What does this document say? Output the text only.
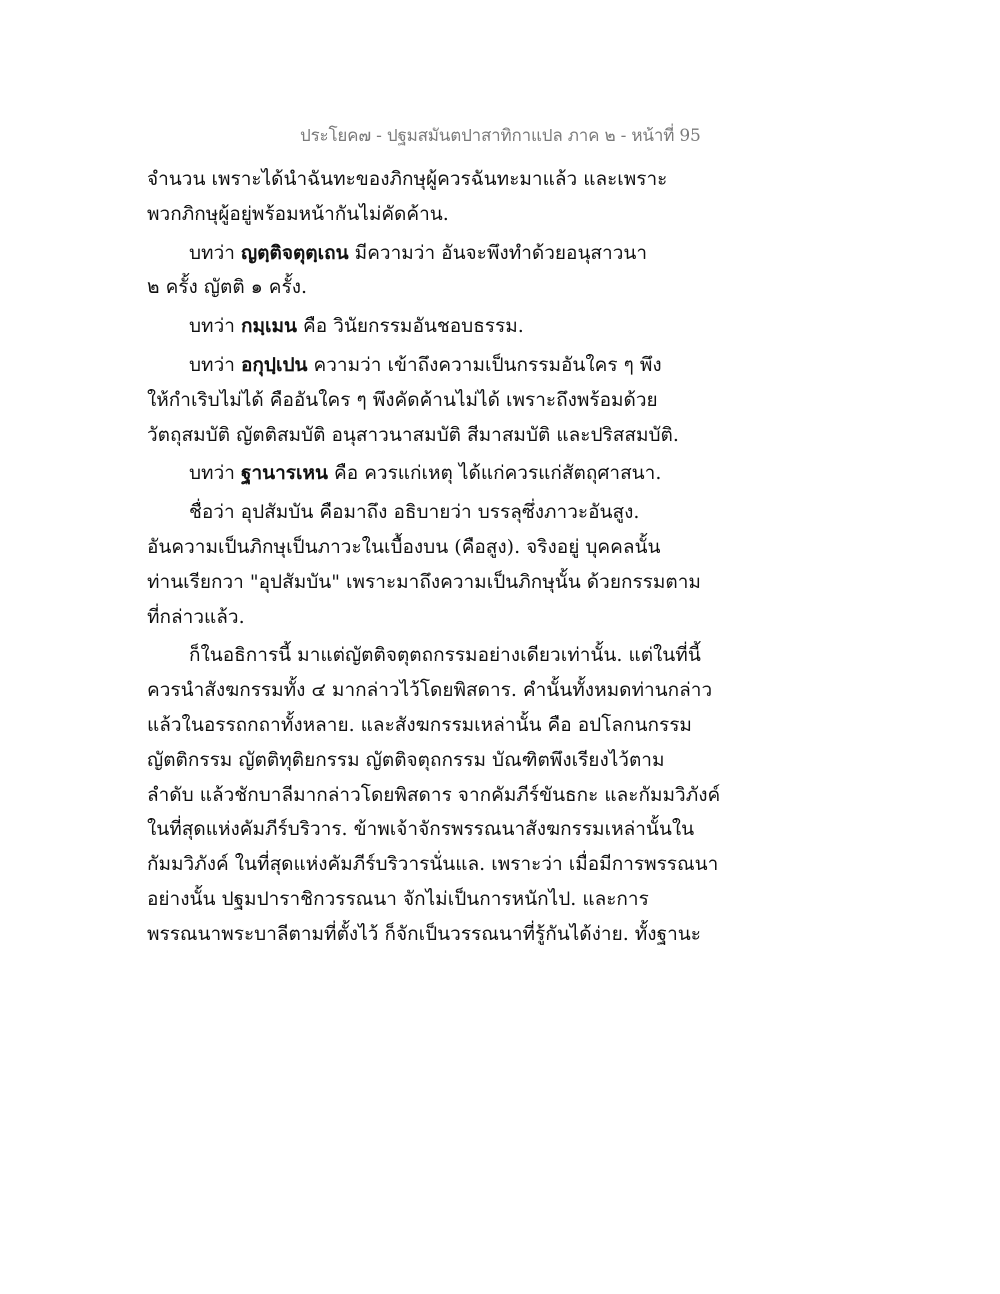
ประโยค๗ - ปฐมสมันตปาสาทิกาแปล ภาค ๒ - หน้าที่ 95
จำนวน เพราะได้นำฉันทะของภิกษุผู้ควรฉันทะมาแล้ว และเพราะ
พวกภิกษุผู้อยู่พร้อมหน้ากันไม่คัดค้าน.
บทว่า ญตฺติจตุตฺเถน มีความว่า อันจะพึงทำด้วยอนุสาวนา
๒ ครั้ง ญัตติ ๑ ครั้ง.
บทว่า กมฺเมน คือ วินัยกรรมอันชอบธรรม.
บทว่า อกุปฺเปน ความว่า เข้าถึงความเป็นกรรมอันใคร ๆ พึง
ให้กำเริบไม่ได้ คืออันใคร ๆ พึงคัดค้านไม่ได้ เพราะถึงพร้อมด้วย
วัตถุสมบัติ ญัตติสมบัติ อนุสาวนาสมบัติ สีมาสมบัติ และปริสสมบัติ.
บทว่า ฐานารเหน คือ ควรแก่เหตุ ได้แก่ควรแก่สัตถุศาสนา.
ชื่อว่า อุปสัมบัน คือมาถึง อธิบายว่า บรรลุซึ่งภาวะอันสูง.
อันความเป็นภิกษุเป็นภาวะในเบื้องบน (คือสูง). จริงอยู่ บุคคลนั้น
ท่านเรียกวา "อุปสัมบัน" เพราะมาถึงความเป็นภิกษุนั้น ด้วยกรรมตาม
ที่กล่าวแล้ว.
ก็ในอธิการนี้ มาแต่ญัตติจตุตถกรรมอย่างเดียวเท่านั้น. แต่ในที่นี้
ควรนำสังฆกรรมทั้ง ๔ มากล่าวไว้โดยพิสดาร. คำนั้นทั้งหมดท่านกล่าว
แล้วในอรรถกถาทั้งหลาย. และสังฆกรรมเหล่านั้น คือ อปโลกนกรรม
ญัตติกรรม ญัตติทุติยกรรม ญัตติจตุถกรรม บัณฑิตพึงเรียงไว้ตาม
ลำดับ แล้วชักบาลีมากล่าวโดยพิสดาร จากคัมภีร์ขันธกะ และกัมมวิภังค์
ในที่สุดแห่งคัมภีร์บริวาร. ข้าพเจ้าจักรพรรณนาสังฆกรรมเหล่านั้นใน
กัมมวิภังค์ ในที่สุดแห่งคัมภีร์บริวารนั่นแล. เพราะว่า เมื่อมีการพรรณนา
อย่างนั้น ปฐมปาราชิกวรรณนา จักไม่เป็นการหนักไป. และการ
พรรณนาพระบาลีตามที่ตั้งไว้ ก็จักเป็นวรรณนาที่รู้กันได้ง่าย. ทั้งฐานะ
